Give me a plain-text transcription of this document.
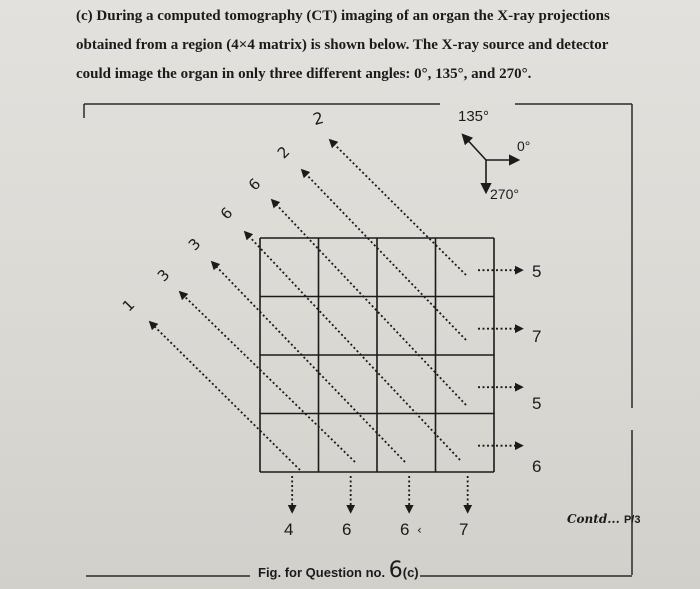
(c) During a computed tomography (CT) imaging of an organ the X-ray projections
obtained from a region (4×4 matrix) is shown below. The X-ray source and detector
could image the organ in only three different angles: 0°, 135°, and 270°.

135°
0°
270°
2
5
7
5
6
4	6	6 ‹ 7
1
3
3
6
6
2
Fig. for Question no. 6(c)
Contd... P/3
